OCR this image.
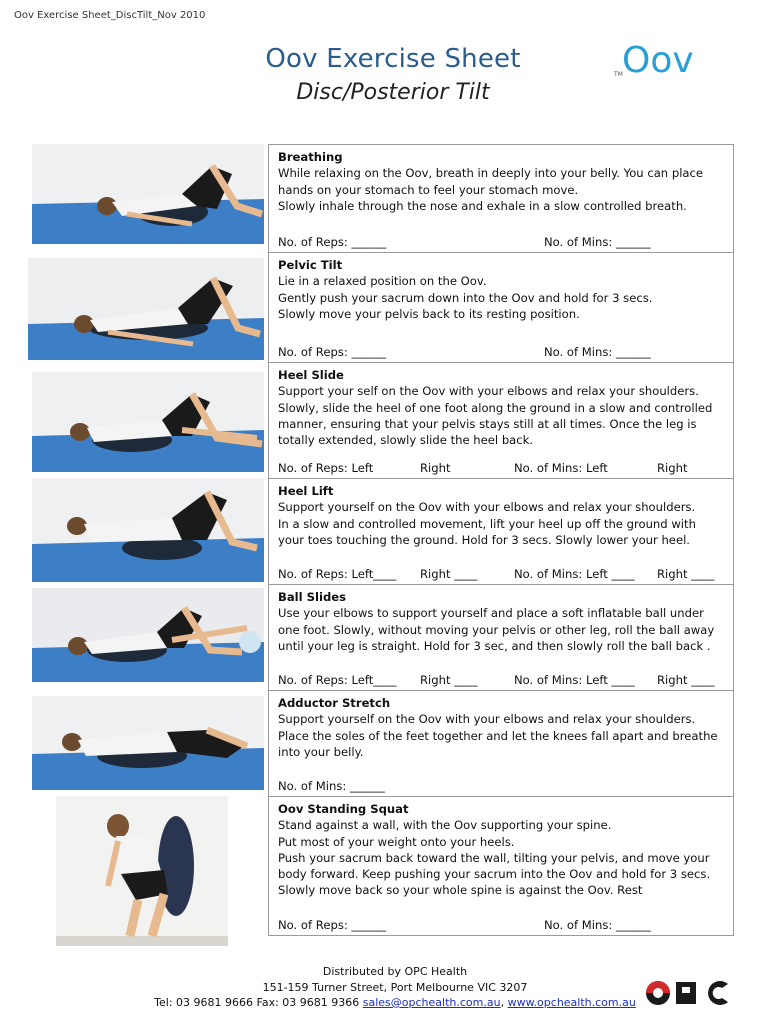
Oov Exercise Sheet_DiscTilt_Nov 2010
Oov Exercise Sheet
Disc/Posterior Tilt
TM Oov
Breathing
While relaxing on the Oov, breath in deeply into your belly. You can place
hands on your stomach to feel your stomach move.
Slowly inhale through the nose and exhale in a slow controlled breath.
No. of Reps: ______	No. of Mins: ______
Pelvic Tilt
Lie in a relaxed position on the Oov.
Gently push your sacrum down into the Oov and hold for 3 secs.
Slowly move your pelvis back to its resting position.
No. of Reps: ______	No. of Mins: ______
Heel Slide
Support your self on the Oov with your elbows and relax your shoulders.
Slowly, slide the heel of one foot along the ground in a slow and controlled
manner, ensuring that your pelvis stays still at all times. Once the leg is
totally extended, slowly slide the heel back.
No. of Reps: Left	Right	No. of Mins: Left	Right
Heel Lift
Support yourself on the Oov with your elbows and relax your shoulders.
In a slow and controlled movement, lift your heel up off the ground with
your toes touching the ground. Hold for 3 secs. Slowly lower your heel.
No. of Reps: Left____ Right ____	No. of Mins: Left ____ Right ____
Ball Slides
Use your elbows to support yourself and place a soft inflatable ball under
one foot. Slowly, without moving your pelvis or other leg, roll the ball away
until your leg is straight. Hold for 3 sec, and then slowly roll the ball back .
No. of Reps: Left____ Right ____	No. of Mins: Left ____ Right ____
Adductor Stretch
Support yourself on the Oov with your elbows and relax your shoulders.
Place the soles of the feet together and let the knees fall apart and breathe
into your belly.
No. of Mins: ______
Oov Standing Squat
Stand against a wall, with the Oov supporting your spine.
Put most of your weight onto your heels.
Push your sacrum back toward the wall, tilting your pelvis, and move your
body forward. Keep pushing your sacrum into the Oov and hold for 3 secs.
Slowly move back so your whole spine is against the Oov. Rest
No. of Reps: ______	No. of Mins: ______
Distributed by OPC Health
151-159 Turner Street, Port Melbourne VIC 3207
Tel: 03 9681 9666 Fax: 03 9681 9366 sales@opchealth.com.au, www.opchealth.com.au
